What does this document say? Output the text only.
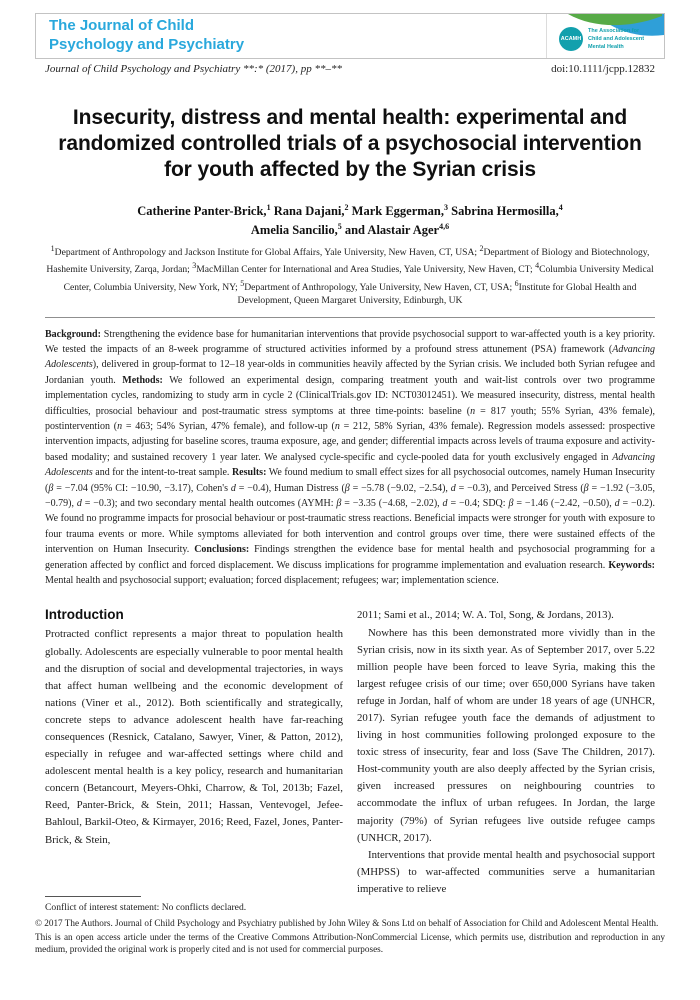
The Journal of Child
Psychology and Psychiatry	ACAMH
The Association for Child and Adolescent Mental Health
Journal of Child Psychology and Psychiatry **:* (2017), pp **–**	doi:10.1111/jcpp.12832
Insecurity, distress and mental health: experimental and randomized controlled trials of a psychosocial intervention for youth affected by the Syrian crisis
Catherine Panter-Brick,$^1$ Rana Dajani,$^2$ Mark Eggerman,$^3$ Sabrina Hermosilla,$^4$
Amelia Sancilio,$^5$ and Alastair Ager$^{4,6}$
$^1$Department of Anthropology and Jackson Institute for Global Affairs, Yale University, New Haven, CT, USA; $^2$Department of Biology and Biotechnology, Hashemite University, Zarqa, Jordan; $^3$MacMillan Center for International and Area Studies, Yale University, New Haven, CT; $^4$Columbia University Medical Center, Columbia University, New York, NY; $^5$Department of Anthropology, Yale University, New Haven, CT, USA; $^6$Institute for Global Health and Development, Queen Margaret University, Edinburgh, UK

Background: Strengthening the evidence base for humanitarian interventions that provide psychosocial support to war-affected youth is a key priority. We tested the impacts of an 8-week programme of structured activities informed by a profound stress attunement (PSA) framework (Advancing Adolescents), delivered in group-format to 12–18 year-olds in communities heavily affected by the Syrian crisis. We included both Syrian refugee and Jordanian youth. Methods: We followed an experimental design, comparing treatment youth and wait-list controls over two programme implementation cycles, randomizing to study arm in cycle 2 (ClinicalTrials.gov ID: NCT03012451). We measured insecurity, distress, mental health difficulties, prosocial behaviour and post-traumatic stress symptoms at three time-points: baseline (n = 817 youth; 55% Syrian, 43% female), postintervention (n = 463; 54% Syrian, 47% female), and follow-up (n = 212, 58% Syrian, 43% female). Regression models assessed: prospective intervention impacts, adjusting for baseline scores, trauma exposure, age, and gender; differential impacts across levels of trauma exposure and activity-based modality; and sustained recovery 1 year later. We analysed cycle-specific and cycle-pooled data for youth exclusively engaged in Advancing Adolescents and for the intent-to-treat sample. Results: We found medium to small effect sizes for all psychosocial outcomes, namely Human Insecurity (β = −7.04 (95% CI: −10.90, −3.17), Cohen's d = −0.4), Human Distress (β = −5.78 (−9.02, −2.54), d = −0.3), and Perceived Stress (β = −1.92 (−3.05, −0.79), d = −0.3); and two secondary mental health outcomes (AYMH: β = −3.35 (−4.68, −2.02), d = −0.4; SDQ: β = −1.46 (−2.42, −0.50), d = −0.2). We found no programme impacts for prosocial behaviour or post-traumatic stress reactions. Beneficial impacts were stronger for youth with exposure to four trauma events or more. While symptoms alleviated for both intervention and control groups over time, there were sustained effects of the intervention on Human Insecurity. Conclusions: Findings strengthen the evidence base for mental health and psychosocial programming for a generation affected by conflict and forced displacement. We discuss implications for programme implementation and evaluation research. Keywords: Mental health and psychosocial support; evaluation; forced displacement; refugees; war; implementation science.

Introduction

Protracted conflict represents a major threat to population health globally. Adolescents are especially vulnerable to poor mental health and the disruption of social and developmental trajectories, in ways that affect human wellbeing and the economic development of nations (Viner et al., 2012). Both scientifically and strategically, concrete steps to advance adolescent health have far-reaching consequences (Resnick, Catalano, Sawyer, Viner, & Patton, 2012), especially in refugee and war-affected settings where child and adolescent mental health is a key policy, research and humanitarian concern (Betancourt, Meyers-Ohki, Charrow, & Tol, 2013b; Fazel, Reed, Panter-Brick, & Stein, 2011; Hassan, Ventevogel, Jefee-Bahloul, Barkil-Oteo, & Kirmayer, 2016; Reed, Fazel, Jones, Panter-Brick, & Stein,

Conflict of interest statement: No conflicts declared.

2011; Sami et al., 2014; W. A. Tol, Song, & Jordans, 2013).

Nowhere has this been demonstrated more vividly than in the Syrian crisis, now in its sixth year. As of September 2017, over 5.22 million people have been forced to leave Syria, making this the largest refugee crisis of our time; over 650,000 Syrians have taken refuge in Jordan, half of whom are under 18 years of age (UNHCR, 2017). Syrian refugee youth face the demands of adjustment to living in host communities following prolonged exposure to the toxic stress of insecurity, fear and loss (Save The Children, 2017). Host-community youth are also deeply affected by the Syrian crisis, given increased pressures on neighbouring countries to accommodate the influx of urban refugees. In Jordan, the large majority (79%) of Syrian refugees live outside refugee camps (UNHCR, 2017).

Interventions that provide mental health and psychosocial support (MHPSS) to war-affected communities serve a humanitarian imperative to relieve

© 2017 The Authors. Journal of Child Psychology and Psychiatry published by John Wiley & Sons Ltd on behalf of Association for Child and Adolescent Mental Health.

This is an open access article under the terms of the Creative Commons Attribution-NonCommercial License, which permits use, distribution and reproduction in any medium, provided the original work is properly cited and is not used for commercial purposes.
